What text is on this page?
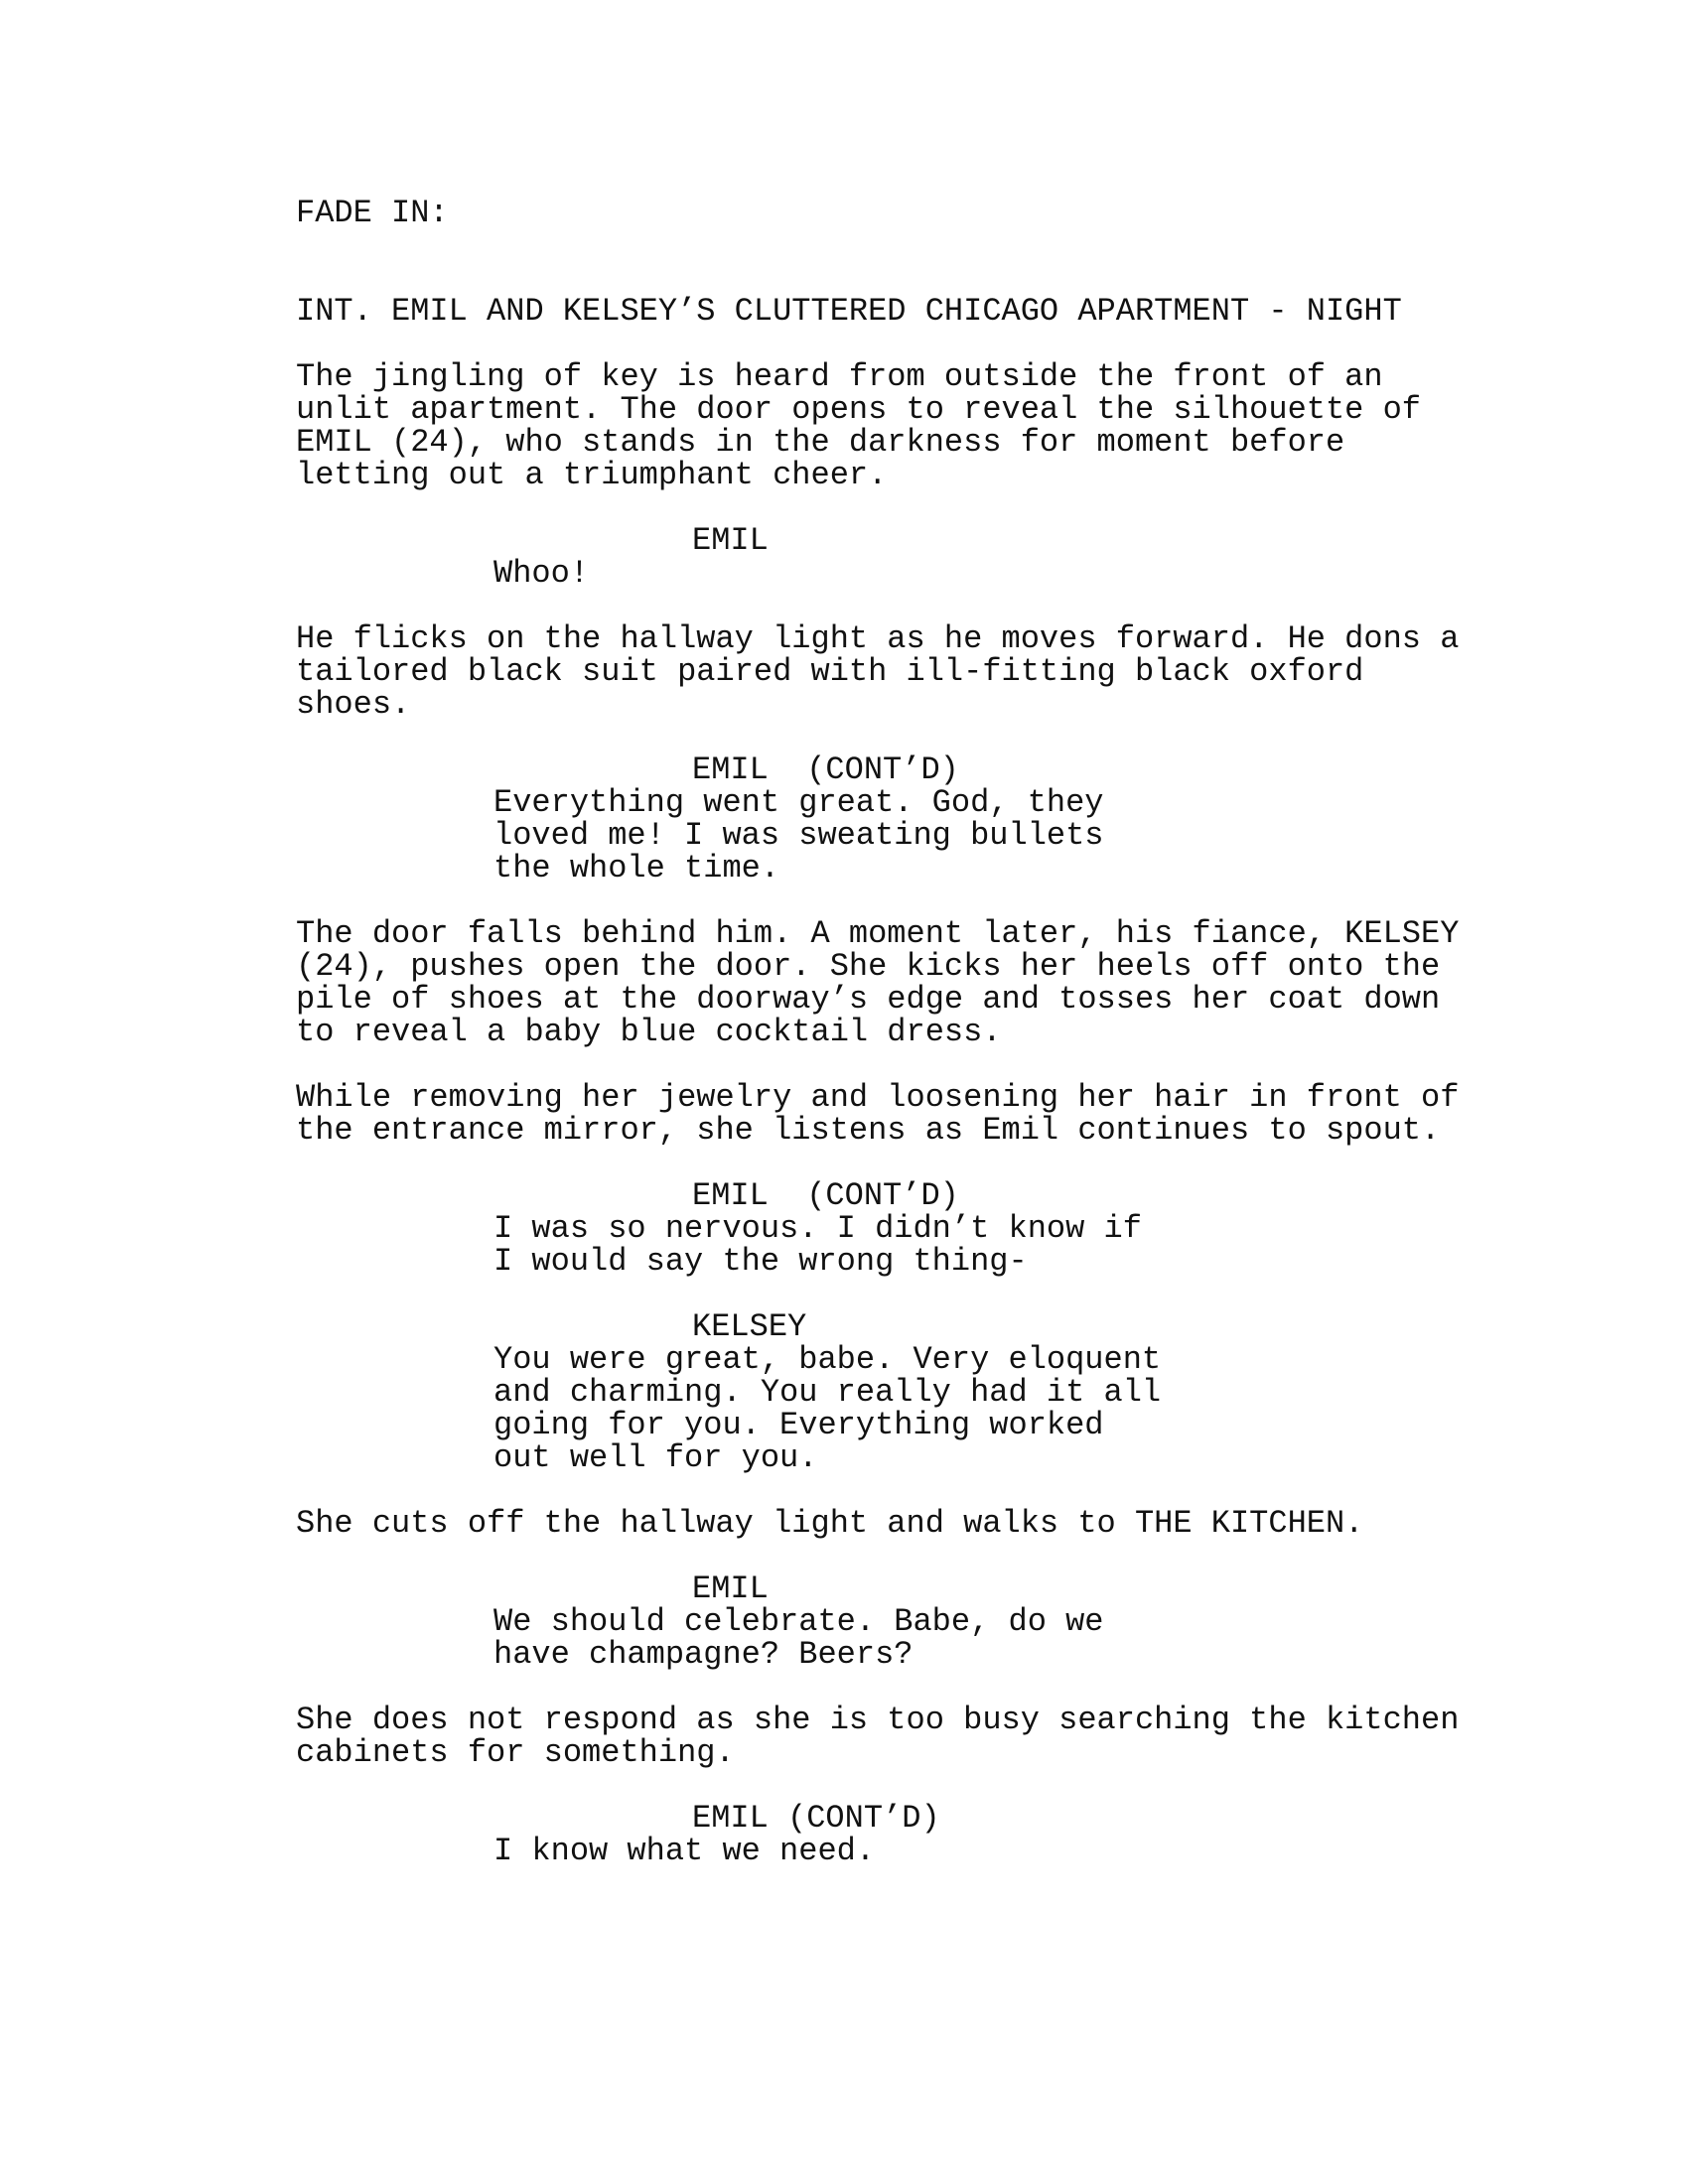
FADE IN:
INT. EMIL AND KELSEY’S CLUTTERED CHICAGO APARTMENT - NIGHT
The jingling of key is heard from outside the front of an
unlit apartment. The door opens to reveal the silhouette of
EMIL (24), who stands in the darkness for moment before
letting out a triumphant cheer.
EMIL
Whoo!
He flicks on the hallway light as he moves forward. He dons a
tailored black suit paired with ill-fitting black oxford
shoes.
EMIL  (CONT’D)
Everything went great. God, they
loved me! I was sweating bullets
the whole time.
The door falls behind him. A moment later, his fiance, KELSEY
(24), pushes open the door. She kicks her heels off onto the
pile of shoes at the doorway’s edge and tosses her coat down
to reveal a baby blue cocktail dress.
While removing her jewelry and loosening her hair in front of
the entrance mirror, she listens as Emil continues to spout.
EMIL  (CONT’D)
I was so nervous. I didn’t know if
I would say the wrong thing-
KELSEY
You were great, babe. Very eloquent
and charming. You really had it all
going for you. Everything worked
out well for you.
She cuts off the hallway light and walks to THE KITCHEN.
EMIL
We should celebrate. Babe, do we
have champagne? Beers?
She does not respond as she is too busy searching the kitchen
cabinets for something.
EMIL (CONT’D)
I know what we need.
